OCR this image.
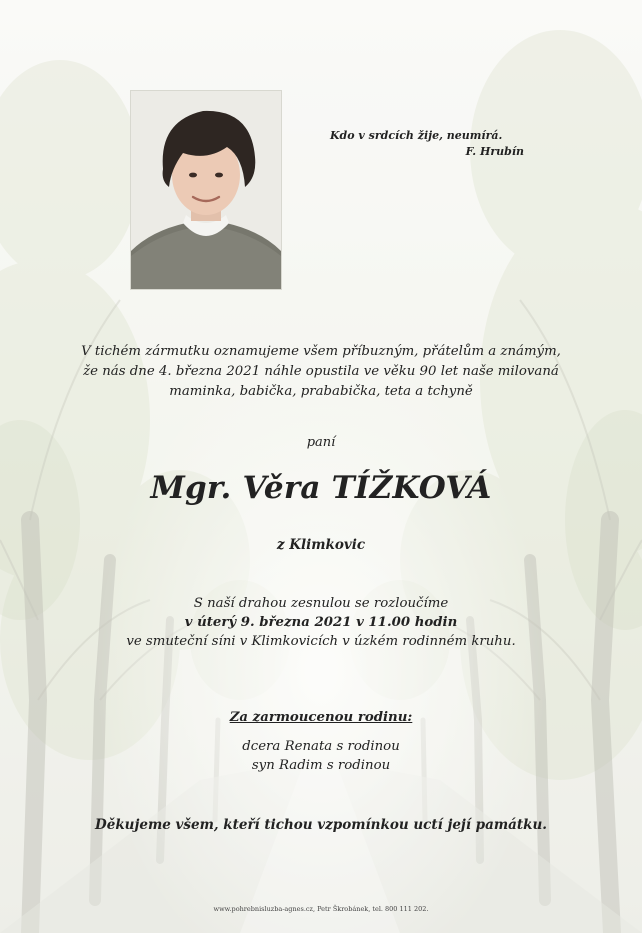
Kdo v srdcích žije, neumírá.
F. Hrubín
V tichém zármutku oznamujeme všem příbuzným, přátelům a známým,
že nás dne 4. března 2021 náhle opustila ve věku 90 let naše milovaná
maminka, babička, prababička, teta a tchyně
paní
Mgr. Věra TÍŽKOVÁ
z Klimkovic
S naší drahou zesnulou se rozloučíme
v úterý 9. března 2021 v 11.00 hodin
ve smuteční síni v Klimkovicích v úzkém rodinném kruhu.
Za zarmoucenou rodinu:
dcera Renata s rodinou
syn Radim s rodinou
Děkujeme všem, kteří tichou vzpomínkou uctí její památku.
www.pohrebnisluzba-agnes.cz, Petr Škrobánek, tel. 800 111 202.
